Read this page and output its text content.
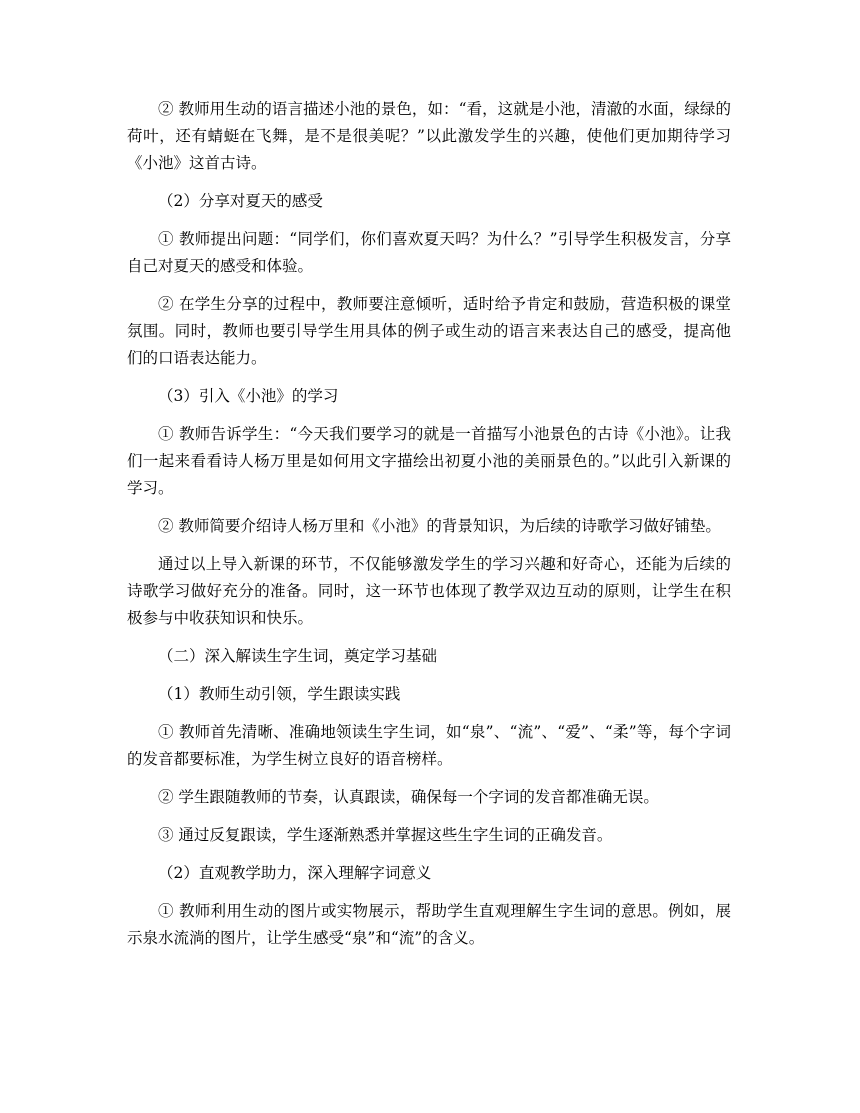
② 教师用生动的语言描述小池的景色，如：“看，这就是小池，清澈的水面，绿绿的荷叶，还有蜻蜓在飞舞，是不是很美呢？”以此激发学生的兴趣，使他们更加期待学习《小池》这首古诗。

（2）分享对夏天的感受

① 教师提出问题：“同学们，你们喜欢夏天吗？为什么？”引导学生积极发言，分享自己对夏天的感受和体验。

② 在学生分享的过程中，教师要注意倾听，适时给予肯定和鼓励，营造积极的课堂氛围。同时，教师也要引导学生用具体的例子或生动的语言来表达自己的感受，提高他们的口语表达能力。

（3）引入《小池》的学习

① 教师告诉学生：“今天我们要学习的就是一首描写小池景色的古诗《小池》。让我们一起来看看诗人杨万里是如何用文字描绘出初夏小池的美丽景色的。”以此引入新课的学习。

② 教师简要介绍诗人杨万里和《小池》的背景知识，为后续的诗歌学习做好铺垫。

通过以上导入新课的环节，不仅能够激发学生的学习兴趣和好奇心，还能为后续的诗歌学习做好充分的准备。同时，这一环节也体现了教学双边互动的原则，让学生在积极参与中收获知识和快乐。

（二）深入解读生字生词，奠定学习基础

（1）教师生动引领，学生跟读实践

① 教师首先清晰、准确地领读生字生词，如“泉”、“流”、“爱”、“柔”等，每个字词的发音都要标准，为学生树立良好的语音榜样。

② 学生跟随教师的节奏，认真跟读，确保每一个字词的发音都准确无误。

③ 通过反复跟读，学生逐渐熟悉并掌握这些生字生词的正确发音。

（2）直观教学助力，深入理解字词意义

① 教师利用生动的图片或实物展示，帮助学生直观理解生字生词的意思。例如，展示泉水流淌的图片，让学生感受“泉”和“流”的含义。
